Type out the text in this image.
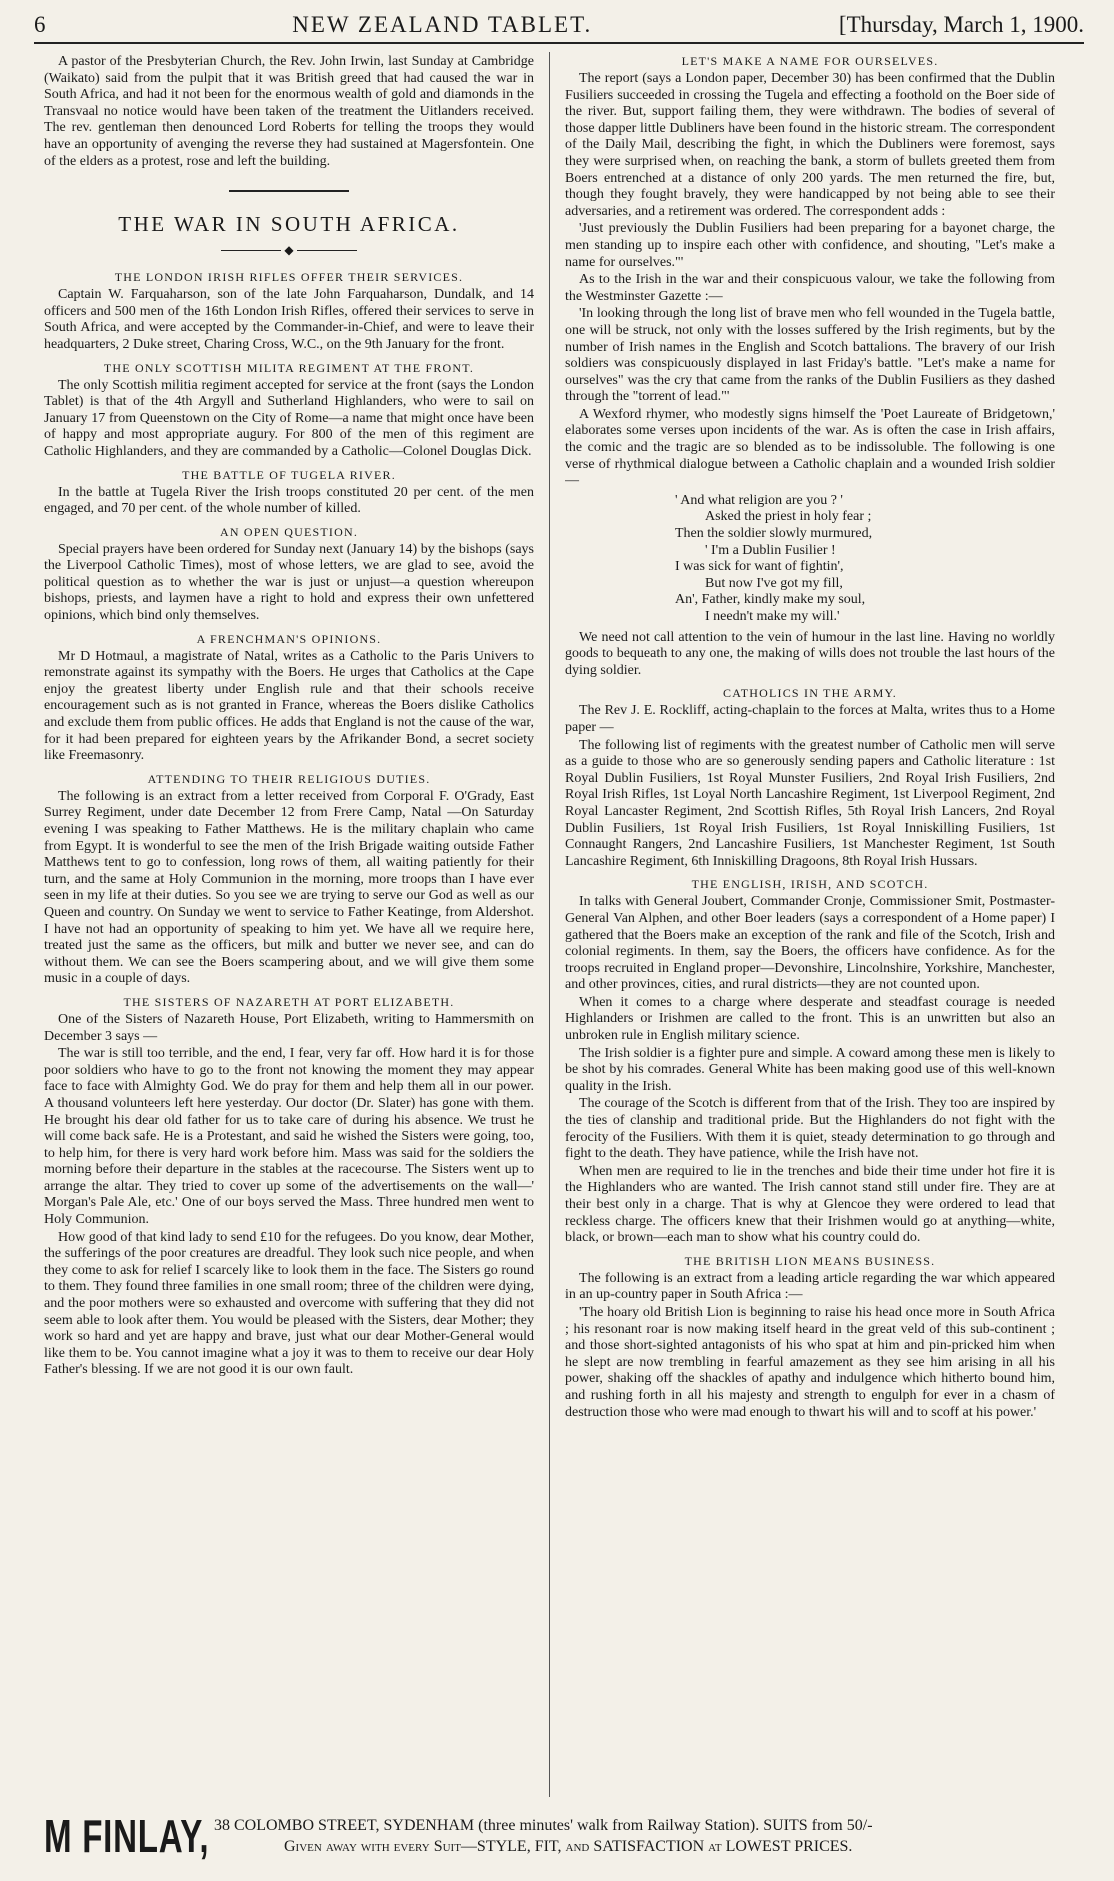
6	NEW ZEALAND TABLET.	[Thursday, March 1, 1900.

A pastor of the Presbyterian Church, the Rev. John Irwin, last Sunday at Cambridge (Waikato) said from the pulpit that it was British greed that had caused the war in South Africa, and had it not been for the enormous wealth of gold and diamonds in the Transvaal no notice would have been taken of the treatment the Uitlanders received. The rev. gentleman then denounced Lord Roberts for telling the troops they would have an opportunity of avenging the reverse they had sustained at Magersfontein. One of the elders as a protest, rose and left the building.

THE WAR IN SOUTH AFRICA.
◆
THE LONDON IRISH RIFLES OFFER THEIR SERVICES.

Captain W. Farquaharson, son of the late John Farquaharson, Dundalk, and 14 officers and 500 men of the 16th London Irish Rifles, offered their services to serve in South Africa, and were accepted by the Commander-in-Chief, and were to leave their headquarters, 2 Duke street, Charing Cross, W.C., on the 9th January for the front.

THE ONLY SCOTTISH MILITA REGIMENT AT THE FRONT.

The only Scottish militia regiment accepted for service at the front (says the London Tablet) is that of the 4th Argyll and Sutherland Highlanders, who were to sail on January 17 from Queenstown on the City of Rome—a name that might once have been of happy and most appropriate augury. For 800 of the men of this regiment are Catholic Highlanders, and they are commanded by a Catholic—Colonel Douglas Dick.

THE BATTLE OF TUGELA RIVER.

In the battle at Tugela River the Irish troops constituted 20 per cent. of the men engaged, and 70 per cent. of the whole number of killed.

AN OPEN QUESTION.

Special prayers have been ordered for Sunday next (January 14) by the bishops (says the Liverpool Catholic Times), most of whose letters, we are glad to see, avoid the political question as to whether the war is just or unjust—a question whereupon bishops, priests, and laymen have a right to hold and express their own unfettered opinions, which bind only themselves.

A FRENCHMAN'S OPINIONS.

Mr D Hotmaul, a magistrate of Natal, writes as a Catholic to the Paris Univers to remonstrate against its sympathy with the Boers. He urges that Catholics at the Cape enjoy the greatest liberty under English rule and that their schools receive encouragement such as is not granted in France, whereas the Boers dislike Catholics and exclude them from public offices. He adds that England is not the cause of the war, for it had been prepared for eighteen years by the Afrikander Bond, a secret society like Freemasonry.

ATTENDING TO THEIR RELIGIOUS DUTIES.

The following is an extract from a letter received from Corporal F. O'Grady, East Surrey Regiment, under date December 12 from Frere Camp, Natal —On Saturday evening I was speaking to Father Matthews. He is the military chaplain who came from Egypt. It is wonderful to see the men of the Irish Brigade waiting outside Father Matthews tent to go to confession, long rows of them, all waiting patiently for their turn, and the same at Holy Communion in the morning, more troops than I have ever seen in my life at their duties. So you see we are trying to serve our God as well as our Queen and country. On Sunday we went to service to Father Keatinge, from Aldershot. I have not had an opportunity of speaking to him yet. We have all we require here, treated just the same as the officers, but milk and butter we never see, and can do without them. We can see the Boers scampering about, and we will give them some music in a couple of days.

THE SISTERS OF NAZARETH AT PORT ELIZABETH.

One of the Sisters of Nazareth House, Port Elizabeth, writing to Hammersmith on December 3 says —

The war is still too terrible, and the end, I fear, very far off. How hard it is for those poor soldiers who have to go to the front not knowing the moment they may appear face to face with Almighty God. We do pray for them and help them all in our power. A thousand volunteers left here yesterday. Our doctor (Dr. Slater) has gone with them. He brought his dear old father for us to take care of during his absence. We trust he will come back safe. He is a Protestant, and said he wished the Sisters were going, too, to help him, for there is very hard work before him. Mass was said for the soldiers the morning before their departure in the stables at the racecourse. The Sisters went up to arrange the altar. They tried to cover up some of the advertisements on the wall—' Morgan's Pale Ale, etc.' One of our boys served the Mass. Three hundred men went to Holy Communion.

How good of that kind lady to send £10 for the refugees. Do you know, dear Mother, the sufferings of the poor creatures are dreadful. They look such nice people, and when they come to ask for relief I scarcely like to look them in the face. The Sisters go round to them. They found three families in one small room; three of the children were dying, and the poor mothers were so exhausted and overcome with suffering that they did not seem able to look after them. You would be pleased with the Sisters, dear Mother; they work so hard and yet are happy and brave, just what our dear Mother-General would like them to be. You cannot imagine what a joy it was to them to receive our dear Holy Father's blessing. If we are not good it is our own fault.

LET'S MAKE A NAME FOR OURSELVES.

The report (says a London paper, December 30) has been confirmed that the Dublin Fusiliers succeeded in crossing the Tugela and effecting a foothold on the Boer side of the river. But, support failing them, they were withdrawn. The bodies of several of those dapper little Dubliners have been found in the historic stream. The correspondent of the Daily Mail, describing the fight, in which the Dubliners were foremost, says they were surprised when, on reaching the bank, a storm of bullets greeted them from Boers entrenched at a distance of only 200 yards. The men returned the fire, but, though they fought bravely, they were handicapped by not being able to see their adversaries, and a retirement was ordered. The correspondent adds :

'Just previously the Dublin Fusiliers had been preparing for a bayonet charge, the men standing up to inspire each other with confidence, and shouting, "Let's make a name for ourselves."'

As to the Irish in the war and their conspicuous valour, we take the following from the Westminster Gazette :—

'In looking through the long list of brave men who fell wounded in the Tugela battle, one will be struck, not only with the losses suffered by the Irish regiments, but by the number of Irish names in the English and Scotch battalions. The bravery of our Irish soldiers was conspicuously displayed in last Friday's battle. "Let's make a name for ourselves" was the cry that came from the ranks of the Dublin Fusiliers as they dashed through the "torrent of lead."'

A Wexford rhymer, who modestly signs himself the 'Poet Laureate of Bridgetown,' elaborates some verses upon incidents of the war. As is often the case in Irish affairs, the comic and the tragic are so blended as to be indissoluble. The following is one verse of rhythmical dialogue between a Catholic chaplain and a wounded Irish soldier —

' And what religion are you ? '
Asked the priest in holy fear ;
Then the soldier slowly murmured,
' I'm a Dublin Fusilier !
I was sick for want of fightin',
But now I've got my fill,
An', Father, kindly make my soul,
I needn't make my will.'

We need not call attention to the vein of humour in the last line. Having no worldly goods to bequeath to any one, the making of wills does not trouble the last hours of the dying soldier.

CATHOLICS IN THE ARMY.

The Rev J. E. Rockliff, acting-chaplain to the forces at Malta, writes thus to a Home paper —

The following list of regiments with the greatest number of Catholic men will serve as a guide to those who are so generously sending papers and Catholic literature : 1st Royal Dublin Fusiliers, 1st Royal Munster Fusiliers, 2nd Royal Irish Fusiliers, 2nd Royal Irish Rifles, 1st Loyal North Lancashire Regiment, 1st Liverpool Regiment, 2nd Royal Lancaster Regiment, 2nd Scottish Rifles, 5th Royal Irish Lancers, 2nd Royal Dublin Fusiliers, 1st Royal Irish Fusiliers, 1st Royal Inniskilling Fusiliers, 1st Connaught Rangers, 2nd Lancashire Fusiliers, 1st Manchester Regiment, 1st South Lancashire Regiment, 6th Inniskilling Dragoons, 8th Royal Irish Hussars.

THE ENGLISH, IRISH, AND SCOTCH.

In talks with General Joubert, Commander Cronje, Commissioner Smit, Postmaster-General Van Alphen, and other Boer leaders (says a correspondent of a Home paper) I gathered that the Boers make an exception of the rank and file of the Scotch, Irish and colonial regiments. In them, say the Boers, the officers have confidence. As for the troops recruited in England proper—Devonshire, Lincolnshire, Yorkshire, Manchester, and other provinces, cities, and rural districts—they are not counted upon.

When it comes to a charge where desperate and steadfast courage is needed Highlanders or Irishmen are called to the front. This is an unwritten but also an unbroken rule in English military science.

The Irish soldier is a fighter pure and simple. A coward among these men is likely to be shot by his comrades. General White has been making good use of this well-known quality in the Irish.

The courage of the Scotch is different from that of the Irish. They too are inspired by the ties of clanship and traditional pride. But the Highlanders do not fight with the ferocity of the Fusiliers. With them it is quiet, steady determination to go through and fight to the death. They have patience, while the Irish have not.

When men are required to lie in the trenches and bide their time under hot fire it is the Highlanders who are wanted. The Irish cannot stand still under fire. They are at their best only in a charge. That is why at Glencoe they were ordered to lead that reckless charge. The officers knew that their Irishmen would go at anything—white, black, or brown—each man to show what his country could do.

THE BRITISH LION MEANS BUSINESS.

The following is an extract from a leading article regarding the war which appeared in an up-country paper in South Africa :—

'The hoary old British Lion is beginning to raise his head once more in South Africa ; his resonant roar is now making itself heard in the great veld of this sub-continent ; and those short-sighted antagonists of his who spat at him and pin-pricked him when he slept are now trembling in fearful amazement as they see him arising in all his power, shaking off the shackles of apathy and indulgence which hitherto bound him, and rushing forth in all his majesty and strength to engulph for ever in a chasm of destruction those who were mad enough to thwart his will and to scoff at his power.'

M FINLAY, 38 COLOMBO STREET, SYDENHAM (three minutes' walk from Railway Station). SUITS from 50/-
Given away with every Suit—STYLE, FIT, and SATISFACTION at LOWEST PRICES.
